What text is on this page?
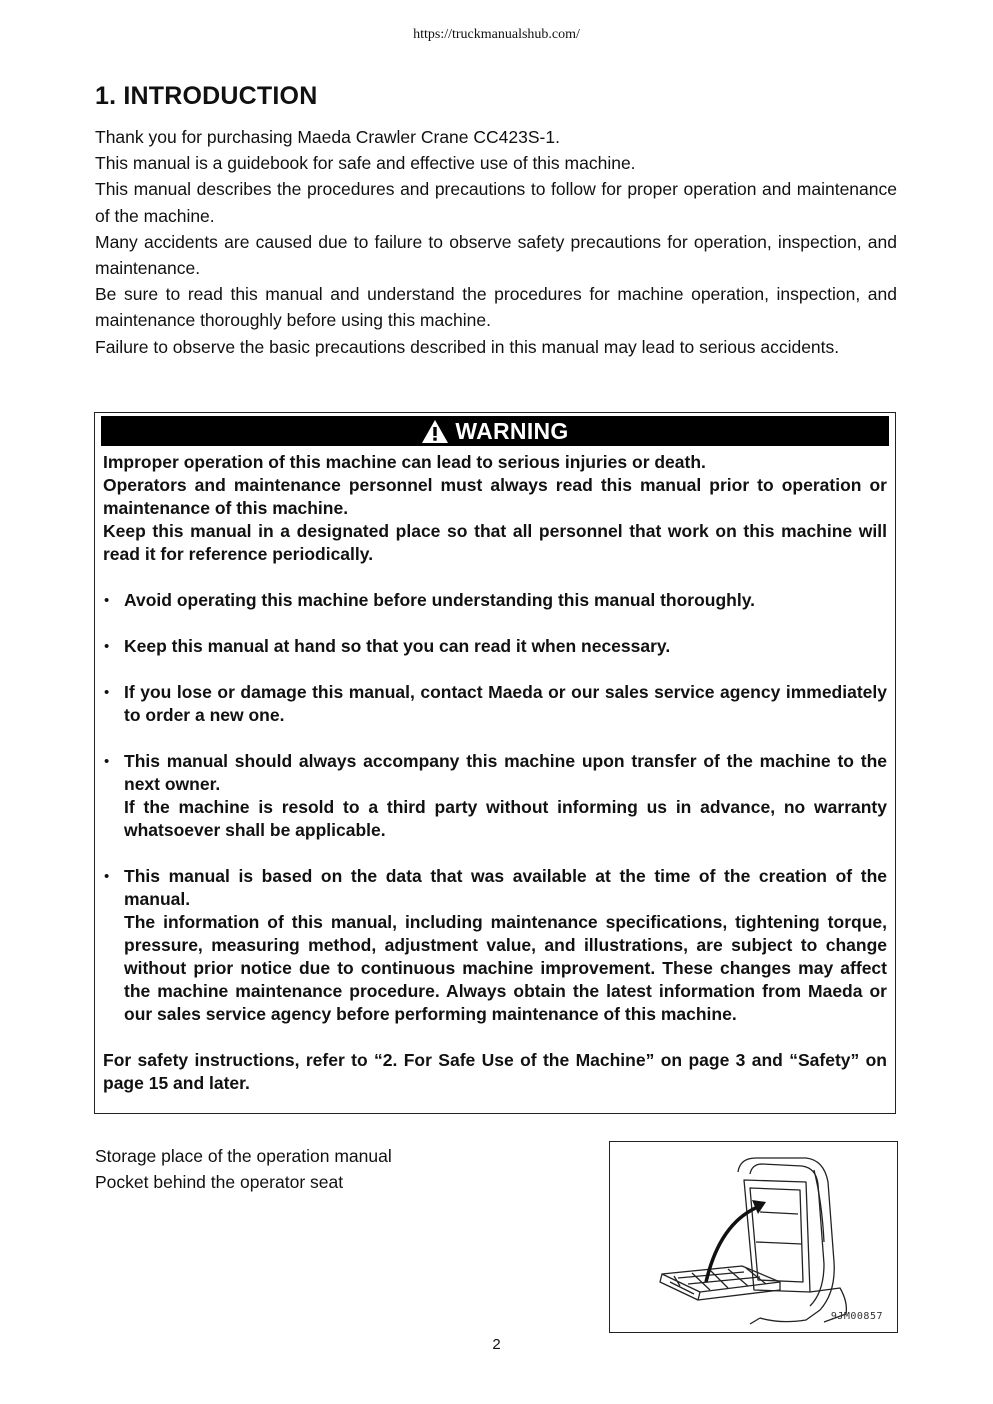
https://truckmanualshub.com/
1. INTRODUCTION

Thank you for purchasing Maeda Crawler Crane CC423S-1.

This manual is a guidebook for safe and effective use of this machine.

This manual describes the procedures and precautions to follow for proper operation and maintenance of the machine.

Many accidents are caused due to failure to observe safety precautions for operation, inspection, and maintenance.

Be sure to read this manual and understand the procedures for machine operation, inspection, and maintenance thoroughly before using this machine.

Failure to observe the basic precautions described in this manual may lead to serious accidents.

WARNING

Improper operation of this machine can lead to serious injuries or death.

Operators and maintenance personnel must always read this manual prior to operation or maintenance of this machine.

Keep this manual in a designated place so that all personnel that work on this machine will read it for reference periodically.

• Avoid operating this machine before understanding this manual thoroughly.

• Keep this manual at hand so that you can read it when necessary.

• If you lose or damage this manual, contact Maeda or our sales service agency immediately to order a new one.

• This manual should always accompany this machine upon transfer of the machine to the next owner.

If the machine is resold to a third party without informing us in advance, no warranty whatsoever shall be applicable.

• This manual is based on the data that was available at the time of the creation of the manual.

The information of this manual, including maintenance specifications, tightening torque, pressure, measuring method, adjustment value, and illustrations, are subject to change without prior notice due to continuous machine improvement. These changes may affect the machine maintenance procedure. Always obtain the latest information from Maeda or our sales service agency before performing maintenance of this machine.

For safety instructions, refer to “2. For Safe Use of the Machine” on page 3 and “Safety” on page 15 and later.

Storage place of the operation manual

Pocket behind the operator seat

9JM00857
2
